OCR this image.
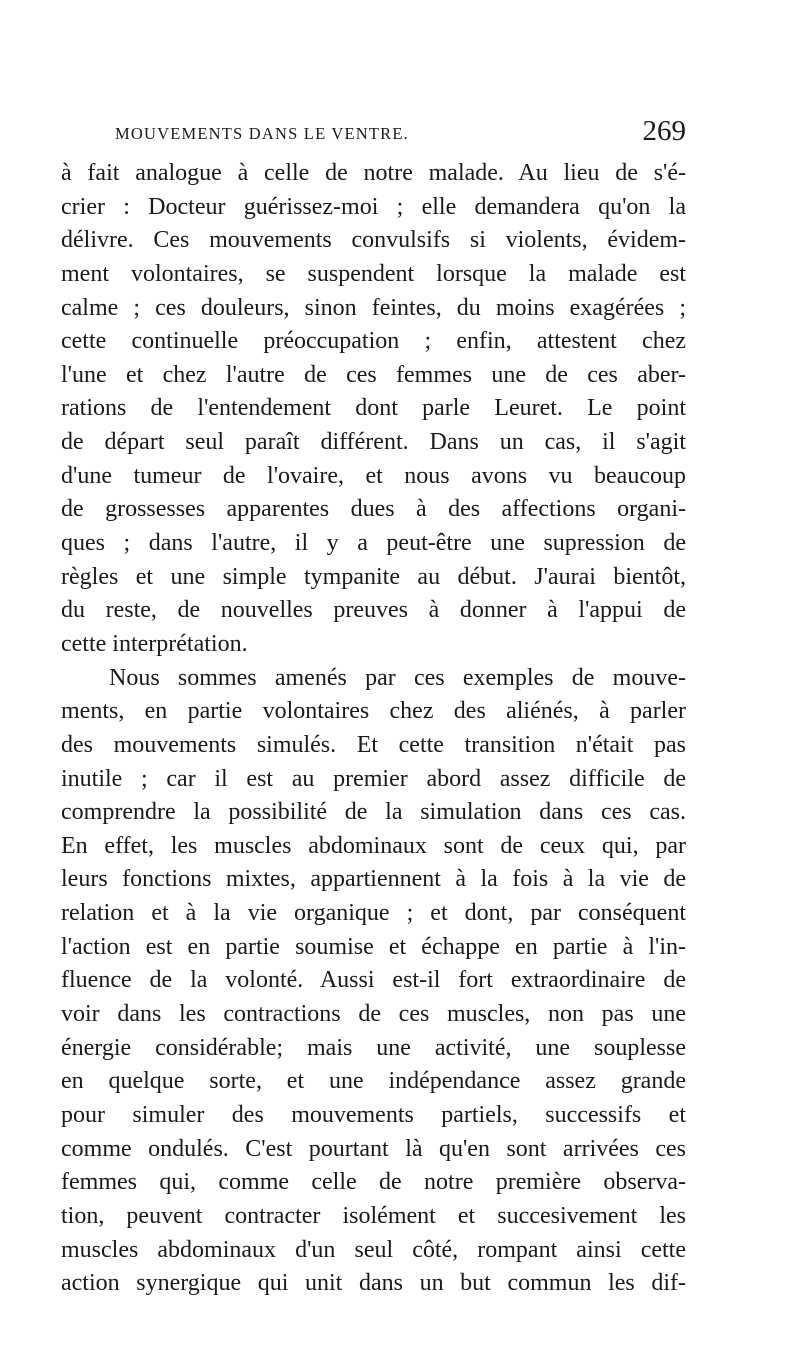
MOUVEMENTS DANS LE VENTRE.	269
à fait analogue à celle de notre malade. Au lieu de s'é-
crier : Docteur guérissez-moi ; elle demandera qu'on la
délivre. Ces mouvements convulsifs si violents, évidem-
ment volontaires, se suspendent lorsque la malade est
calme ; ces douleurs, sinon feintes, du moins exagérées ;
cette continuelle préoccupation ; enfin, attestent chez
l'une et chez l'autre de ces femmes une de ces aber-
rations de l'entendement dont parle Leuret. Le point
de départ seul paraît différent. Dans un cas, il s'agit
d'une tumeur de l'ovaire, et nous avons vu beaucoup
de grossesses apparentes dues à des affections organi-
ques ; dans l'autre, il y a peut-être une supression de
règles et une simple tympanite au début. J'aurai bientôt,
du reste, de nouvelles preuves à donner à l'appui de
cette interprétation.
Nous sommes amenés par ces exemples de mouve-
ments, en partie volontaires chez des aliénés, à parler
des mouvements simulés. Et cette transition n'était pas
inutile ; car il est au premier abord assez difficile de
comprendre la possibilité de la simulation dans ces cas.
En effet, les muscles abdominaux sont de ceux qui, par
leurs fonctions mixtes, appartiennent à la fois à la vie de
relation et à la vie organique ; et dont, par conséquent
l'action est en partie soumise et échappe en partie à l'in-
fluence de la volonté. Aussi est-il fort extraordinaire de
voir dans les contractions de ces muscles, non pas une
énergie considérable; mais une activité, une souplesse
en quelque sorte, et une indépendance assez grande
pour simuler des mouvements partiels, successifs et
comme ondulés. C'est pourtant là qu'en sont arrivées ces
femmes qui, comme celle de notre première observa-
tion, peuvent contracter isolément et succesivement les
muscles abdominaux d'un seul côté, rompant ainsi cette
action synergique qui unit dans un but commun les dif-
